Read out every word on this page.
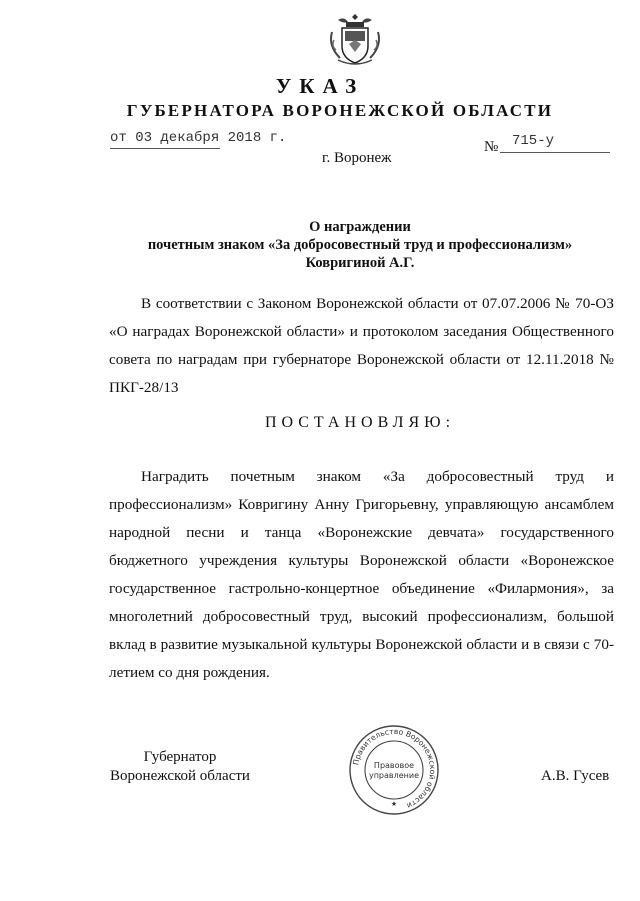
УКАЗ
ГУБЕРНАТОРА ВОРОНЕЖСКОЙ ОБЛАСТИ
от 03 декабря 2018 г.
№ 715-у
г. Воронеж
О награждении
почетным знаком «За добросовестный труд и профессионализм»
Ковригиной А.Г.
В соответствии с Законом Воронежской области от 07.07.2006 № 70-ОЗ «О наградах Воронежской области» и протоколом заседания Общественного совета по наградам при губернаторе Воронежской области от 12.11.2018 № ПКГ-28/13
ПОСТАНОВЛЯЮ:
Наградить почетным знаком «За добросовестный труд и профессионализм» Ковригину Анну Григорьевну, управляющую ансамблем народной песни и танца «Воронежские девчата» государственного бюджетного учреждения культуры Воронежской области «Воронежское государственное гастрольно-концертное объединение «Филармония», за многолетний добросовестный труд, высокий профессионализм, большой вклад в развитие музыкальной культуры Воронежской области и в связи с 70-летием со дня рождения.
Губернатор
Воронежской области
Правительство Воронежской области
Правовое
управление
★
А.В. Гусев
